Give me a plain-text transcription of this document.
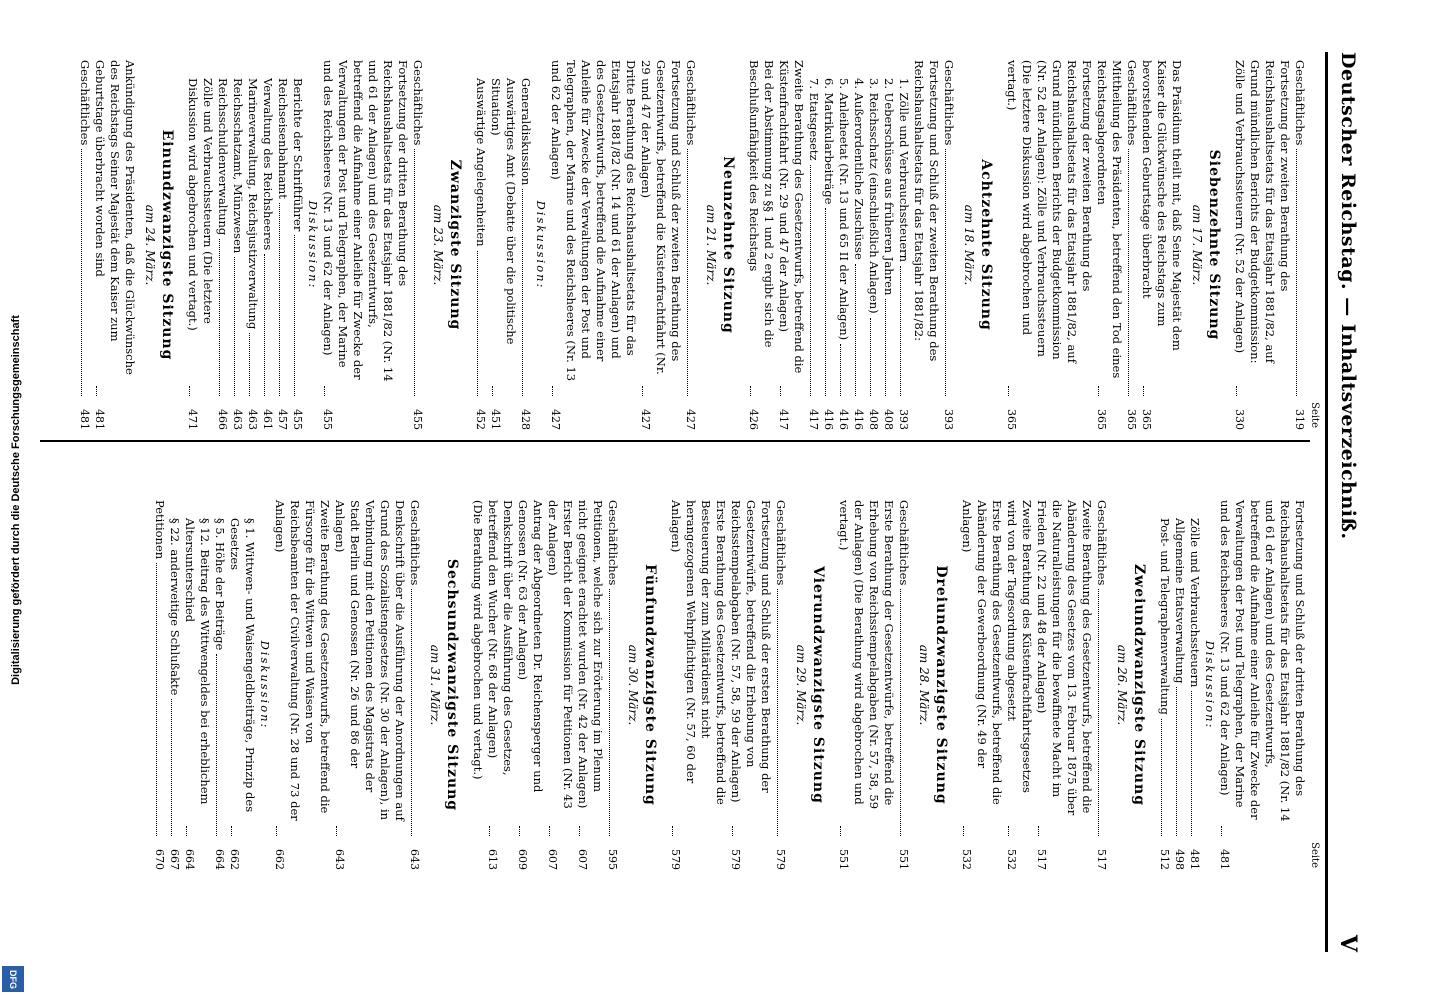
Deutscher Reichstag. — Inhaltsverzeichniß.
V
Seite
Geschäftliches
319
Fortsetzung der zweiten Berathung des Reichshaushaltsetats für das Etatsjahr 1881/82, auf Grund mündlichen Berichts der Budgetkommission: Zölle und Verbrauchssteuern (Nr. 52 der Anlagen)
330
Siebenzehnte Sitzung
am 17. März.
Das Präsidium theilt mit, daß Seine Majestät dem Kaiser die Glückwünsche des Reichstags zum bevorstehenden Geburtstage überbracht
365
Geschäftliches
365
Mittheilung des Präsidenten, betreffend den Tod eines Reichstagsabgeordneten
365
Fortsetzung der zweiten Berathung des Reichshaushaltsetats für das Etatsjahr 1881/82, auf Grund mündlichen Berichts der Budgetkommission (Nr. 52 der Anlagen): Zölle und Verbrauchssteuern (Die letztere Diskussion wird abgebrochen und vertagt.)
365
Achtzehnte Sitzung
am 18. März.
Geschäftliches
393
Fortsetzung und Schluß der zweiten Berathung des Reichshaushaltsetats für das Etatsjahr 1881/82:
1. Zölle und Verbrauchssteuern
393
2. Ueberschüsse aus früheren Jahren
408
3. Reichsschatz (einschließlich Anlagen)
408
4. Außerordentliche Zuschüsse
416
5. Anleiheetat (Nr. 13 und 65 II der Anlagen)
416
6. Matrikularbeiträge
416
7. Etatsgesetz
417
Zweite Berathung des Gesetzentwurfs, betreffend die Küstenfrachtfahrt (Nr. 29 und 47 der Anlagen)
417
Bei der Abstimmung zu §§ 1 und 2 ergibt sich die Beschlußunfähigkeit des Reichstags
426
Neunzehnte Sitzung
am 21. März.
Geschäftliches
427
Fortsetzung und Schluß der zweiten Berathung des Gesetzentwurfs, betreffend die Küstenfrachtfahrt (Nr. 29 und 47 der Anlagen)
427
Dritte Berathung des Reichshaushaltsetats für das Etatsjahr 1881/82 (Nr. 14 und 61 der Anlagen) und des Gesetzentwurfs, betreffend die Aufnahme einer Anleihe für Zwecke der Verwaltungen der Post und Telegraphen, der Marine und des Reichsheeres (Nr. 13 und 62 der Anlagen)
427
Diskussion:
Generaldiskussion
428
Auswärtiges Amt (Debatte über die politische Situation)
451
Auswärtige Angelegenheiten
452
Zwanzigste Sitzung
am 23. März.
Geschäftliches
455
Fortsetzung der dritten Berathung des Reichshaushaltsetats für das Etatsjahr 1881/82 (Nr. 14 und 61 der Anlagen) und des Gesetzentwurfs, betreffend die Aufnahme einer Anleihe für Zwecke der Verwaltungen der Post und Telegraphen, der Marine und des Reichsheeres (Nr. 13 und 62 der Anlagen)
455
Diskussion:
Berichte der Schriftführer
455
Reichseisenbahnamt
457
Verwaltung des Reichsheeres
461
Marineverwaltung, Reichsjustizverwaltung
463
Reichsschatzamt, Münzwesen
463
Reichsschuldenverwaltung
466
Zölle und Verbrauchssteuern (Die letztere Diskussion wird abgebrochen und vertagt.)
471
Einundzwanzigste Sitzung
am 24. März.
Ankündigung des Präsidenten, daß die Glückwünsche des Reichstags Seiner Majestät dem Kaiser zum Geburtstage überbracht worden sind
481
Geschäftliches
481
Seite
Fortsetzung und Schluß der dritten Berathung des Reichshaushaltsetats für das Etatsjahr 1881/82 (Nr. 14 und 61 der Anlagen) und des Gesetzentwurfs, betreffend die Aufnahme einer Anleihe für Zwecke der Verwaltungen der Post und Telegraphen, der Marine und des Reichsheeres (Nr. 13 und 62 der Anlagen)
481
Diskussion:
Zölle und Verbrauchssteuern
481
Allgemeine Etatsverwaltung
498
Post- und Telegraphenverwaltung
512
Zweiundzwanzigste Sitzung
am 26. März.
Geschäftliches
517
Zweite Berathung des Gesetzentwurfs, betreffend die Abänderung des Gesetzes vom 13. Februar 1875 über die Naturalleistungen für die bewaffnete Macht im Frieden (Nr. 22 und 48 der Anlagen)
517
Zweite Berathung des Küstenfrachtfahrtsgesetzes wird von der Tagesordnung abgesetzt
532
Erste Berathung des Gesetzentwurfs, betreffend die Abänderung der Gewerbeordnung (Nr. 49 der Anlagen)
532
Dreiundzwanzigste Sitzung
am 28. März.
Geschäftliches
551
Erste Berathung der Gesetzentwürfe, betreffend die Erhebung von Reichsstempelabgaben (Nr. 57, 58, 59 der Anlagen) (Die Berathung wird abgebrochen und vertagt.)
551
Vierundzwanzigste Sitzung
am 29. März.
Geschäftliches
579
Fortsetzung und Schluß der ersten Berathung der Gesetzentwürfe, betreffend die Erhebung von Reichsstempelabgaben (Nr. 57, 58, 59 der Anlagen)
579
Erste Berathung des Gesetzentwurfs, betreffend die Besteuerung der zum Militärdienst nicht herangezogenen Wehrpflichtigen (Nr. 57, 60 der Anlagen)
579
Fünfundzwanzigste Sitzung
am 30. März.
Geschäftliches
595
Petitionen, welche sich zur Erörterung im Plenum nicht geeignet erachtet wurden (Nr. 42 der Anlagen)
607
Erster Bericht der Kommission für Petitionen (Nr. 43 der Anlagen)
607
Antrag der Abgeordneten Dr. Reichensperger und Genossen (Nr. 63 der Anlagen)
609
Denkschrift über die Ausführung des Gesetzes, betreffend den Wucher (Nr. 68 der Anlagen)
613
(Die Berathung wird abgebrochen und vertagt.)
Sechsundzwanzigste Sitzung
am 31. März.
Geschäftliches
643
Denkschrift über die Ausführung der Anordnungen auf Grund des Sozialistengesetzes (Nr. 30 der Anlagen), in Verbindung mit den Petitionen des Magistrats der Stadt Berlin und Genossen (Nr. 26 und 86 der Anlagen)
643
Zweite Berathung des Gesetzentwurfs, betreffend die Fürsorge für die Wittwen und Waisen von Reichsbeamten der Civilverwaltung (Nr. 28 und 73 der Anlagen)
662
Diskussion:
§ 1. Wittwen- und Waisengeldbeiträge, Prinzip des Gesetzes
662
§ 5. Höhe der Beiträge
664
§ 12. Beitrag des Wittwengeldes bei erheblichem Altersunterschied
664
§ 22. anderweitige Schlußakte
667
Petitionen
670
Digitalisierung gefördert durch die Deutsche Forschungsgemeinschaft
DFG
